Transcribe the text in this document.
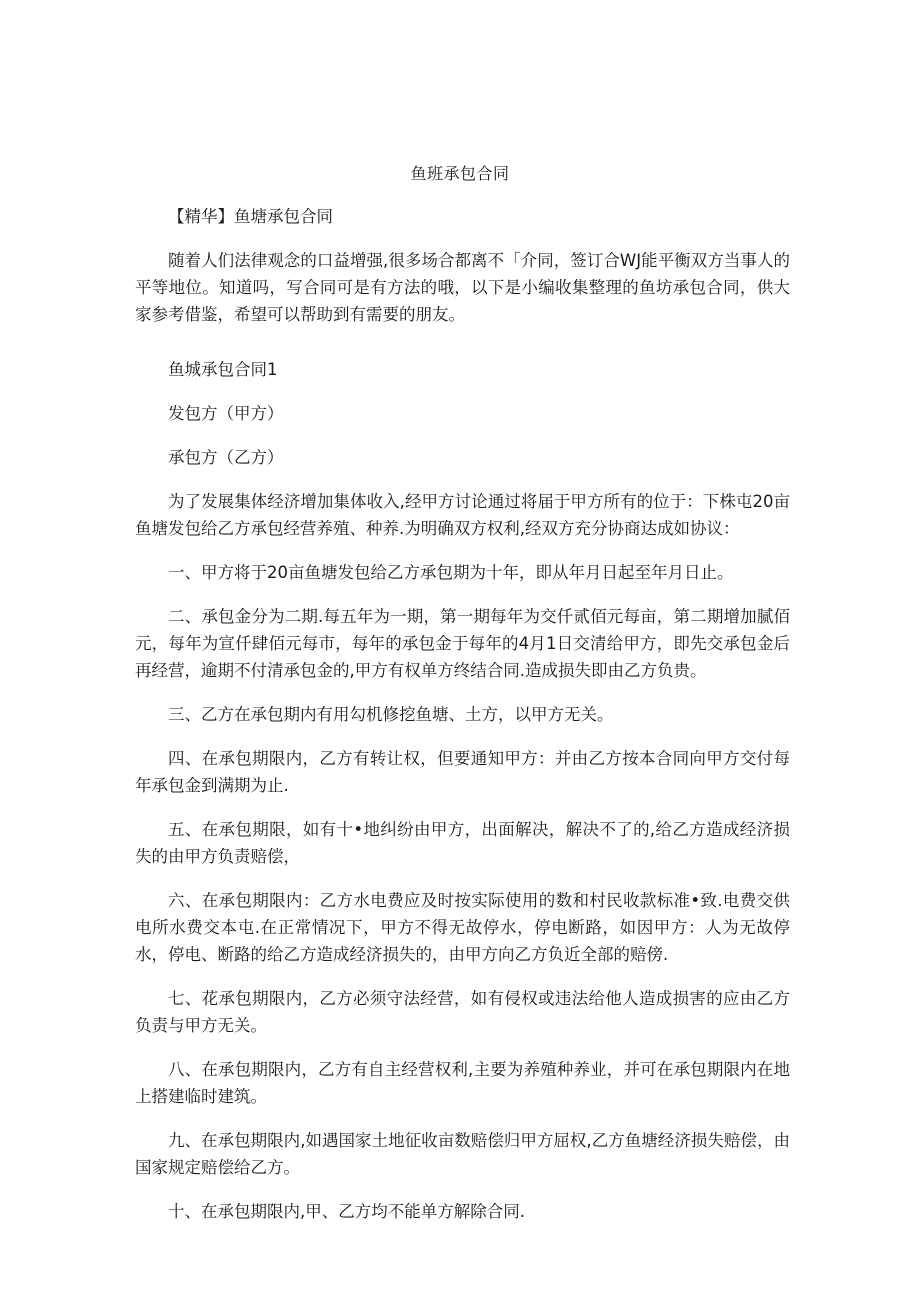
鱼班承包合同

【精华】鱼塘承包合同

随着人们法律观念的口益增强,很多场合都离不「介同，签订合WJ能平衡双方当事人的平等地位。知道吗，写合同可是有方法的哦，以下是小编收集整理的鱼坊承包合同，供大家参考借鉴，希望可以帮助到有需要的朋友。

鱼城承包合同1

发包方（甲方）

承包方（乙方）

为了发展集体经济增加集体收入,经甲方讨论通过将届于甲方所有的位于：下株屯20亩鱼塘发包给乙方承包经营养殖、种养.为明确双方权利,经双方充分协商达成如协议：

一、甲方将于20亩鱼塘发包给乙方承包期为十年，即从年月日起至年月日止。

二、承包金分为二期.每五年为一期，第一期每年为交仟贰佰元每亩，第二期增加腻佰元，每年为宣仟肆佰元每市，每年的承包金于每年的4月1日交清给甲方，即先交承包金后再经营，逾期不付清承包金的,甲方有权单方终结合同.造成损失即由乙方负贵。

三、乙方在承包期内有用勾机修挖鱼塘、土方，以甲方无关。

四、在承包期限内，乙方有转让权，但要通知甲方：并由乙方按本合同向甲方交付每年承包金到满期为止.

五、在承包期限，如有十•地纠纷由甲方，出面解决，解决不了的,给乙方造成经济损失的由甲方负责赔偿，

六、在承包期限内：乙方水电费应及时按实际使用的数和村民收款标准•致.电费交供电所水费交本屯.在正常情况下，甲方不得无故停水，停电断路，如因甲方：人为无故停水，停电、断路的给乙方造成经济损失的，由甲方向乙方负近全部的赔傍.

七、花承包期限内，乙方必须守法经营，如有侵权或违法给他人造成损害的应由乙方负责与甲方无关。

八、在承包期限内，乙方有自主经营权利,主要为养殖种养业，并可在承包期限内在地上搭建临时建筑。

九、在承包期限内,如遇国家土地征收亩数赔偿归甲方屈权,乙方鱼塘经济损失赔偿，由国家规定赔偿给乙方。

十、在承包期限内,甲、乙方均不能单方解除合同.
